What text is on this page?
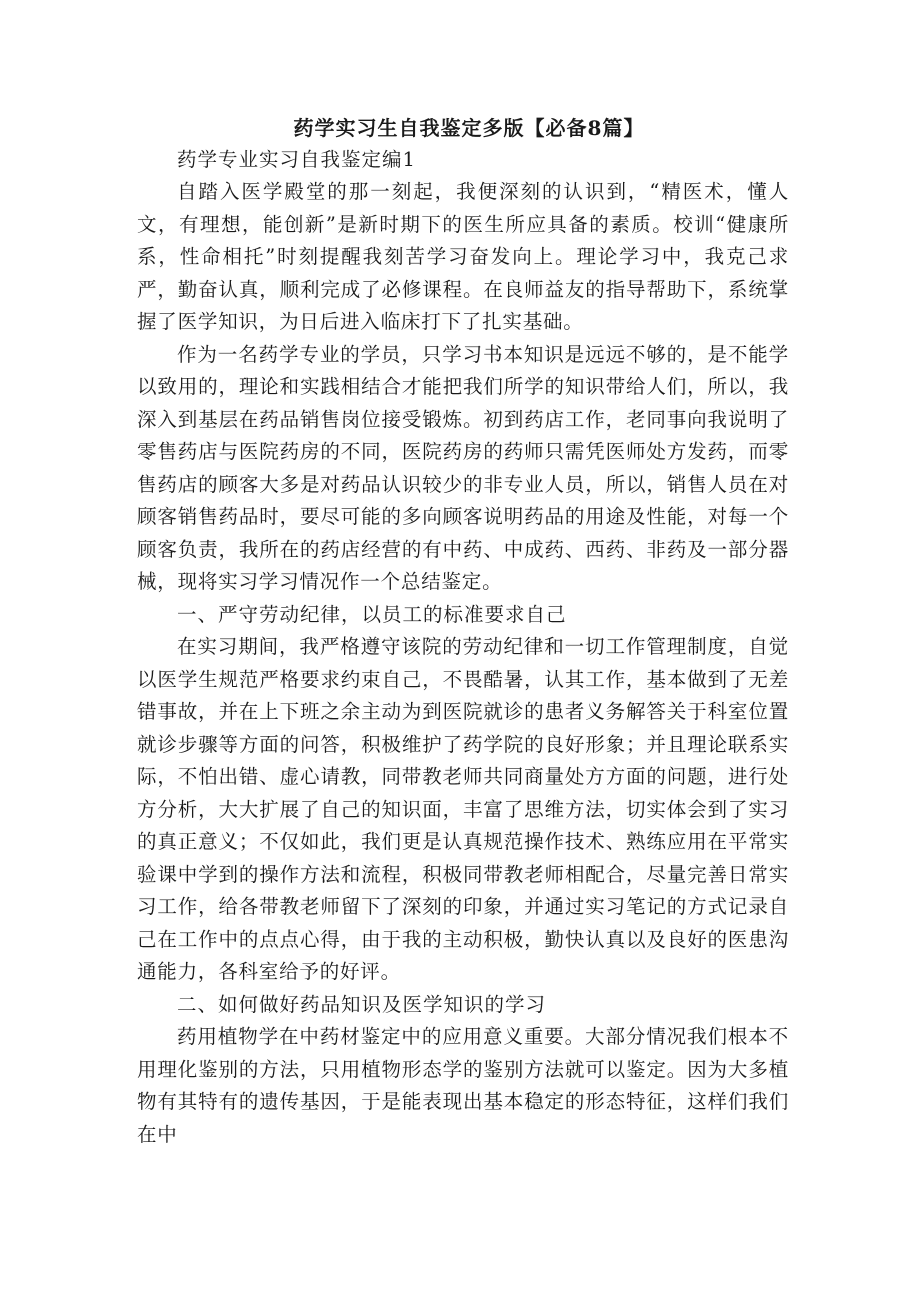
药学实习生自我鉴定多版【必备8篇】

药学专业实习自我鉴定编1

自踏入医学殿堂的那一刻起，我便深刻的认识到，“精医术，懂人文，有理想，能创新”是新时期下的医生所应具备的素质。校训“健康所系，性命相托”时刻提醒我刻苦学习奋发向上。理论学习中，我克己求严，勤奋认真，顺利完成了必修课程。在良师益友的指导帮助下，系统掌握了医学知识，为日后进入临床打下了扎实基础。

作为一名药学专业的学员，只学习书本知识是远远不够的，是不能学以致用的，理论和实践相结合才能把我们所学的知识带给人们，所以，我深入到基层在药品销售岗位接受锻炼。初到药店工作，老同事向我说明了零售药店与医院药房的不同，医院药房的药师只需凭医师处方发药，而零售药店的顾客大多是对药品认识较少的非专业人员，所以，销售人员在对顾客销售药品时，要尽可能的多向顾客说明药品的用途及性能，对每一个顾客负责，我所在的药店经营的有中药、中成药、西药、非药及一部分器械，现将实习学习情况作一个总结鉴定。

一、严守劳动纪律，以员工的标准要求自己

在实习期间，我严格遵守该院的劳动纪律和一切工作管理制度，自觉以医学生规范严格要求约束自己，不畏酷暑，认其工作，基本做到了无差错事故，并在上下班之余主动为到医院就诊的患者义务解答关于科室位置就诊步骤等方面的问答，积极维护了药学院的良好形象；并且理论联系实际，不怕出错、虚心请教，同带教老师共同商量处方方面的问题，进行处方分析，大大扩展了自己的知识面，丰富了思维方法，切实体会到了实习的真正意义；不仅如此，我们更是认真规范操作技术、熟练应用在平常实验课中学到的操作方法和流程，积极同带教老师相配合，尽量完善日常实习工作，给各带教老师留下了深刻的印象，并通过实习笔记的方式记录自己在工作中的点点心得，由于我的主动积极，勤快认真以及良好的医患沟通能力，各科室给予的好评。

二、如何做好药品知识及医学知识的学习

药用植物学在中药材鉴定中的应用意义重要。大部分情况我们根本不用理化鉴别的方法，只用植物形态学的鉴别方法就可以鉴定。因为大多植物有其特有的遗传基因，于是能表现出基本稳定的形态特征，这样们我们在中
